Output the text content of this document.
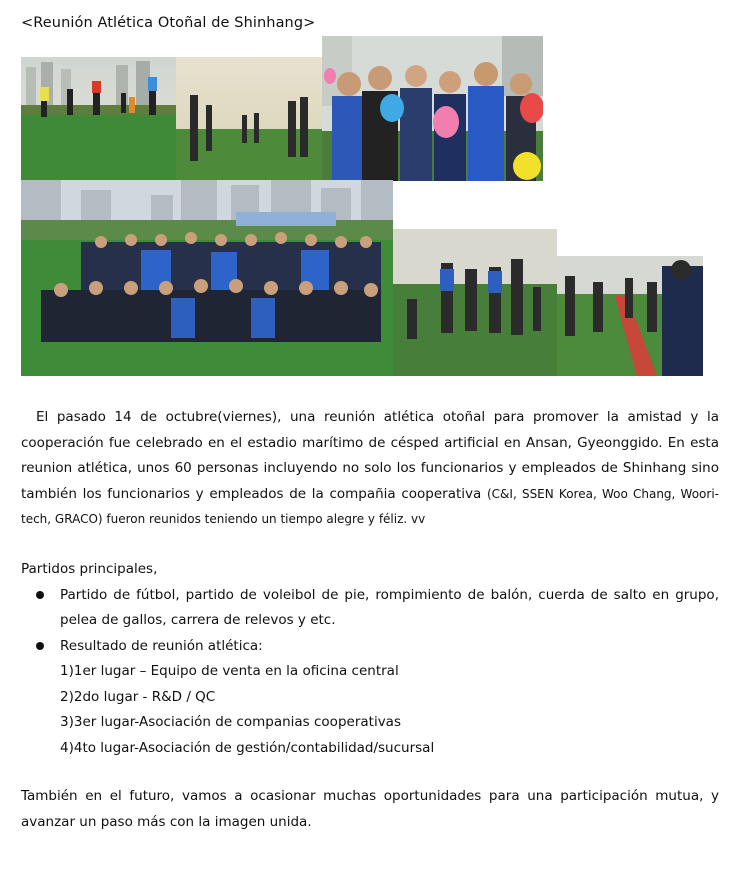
<Reunión Atlética Otoñal de Shinhang>

El pasado 14 de octubre(viernes), una reunión atlética otoñal para promover la amistad y la cooperación fue celebrado en el estadio marítimo de césped artificial en Ansan, Gyeonggido. En esta reunion atlética, unos 60 personas incluyendo no solo los funcionarios y empleados de Shinhang sino también los funcionarios y empleados de la compañia cooperativa (C&I, SSEN Korea, Woo Chang, Woori-tech, GRACO) fueron reunidos teniendo un tiempo alegre y féliz. vv

Partidos principales,

Partido de fútbol, partido de voleibol de pie, rompimiento de balón, cuerda de salto en grupo, pelea de gallos, carrera de relevos y etc.
Resultado de reunión atlética:
1)1er lugar – Equipo de venta en la oficina central
2)2do lugar - R&D / QC
3)3er lugar-Asociación de companias cooperativas
4)4to lugar-Asociación de gestión/contabilidad/sucursal

También en el futuro, vamos a ocasionar muchas oportunidades para una participación mutua, y avanzar un paso más con la imagen unida.
